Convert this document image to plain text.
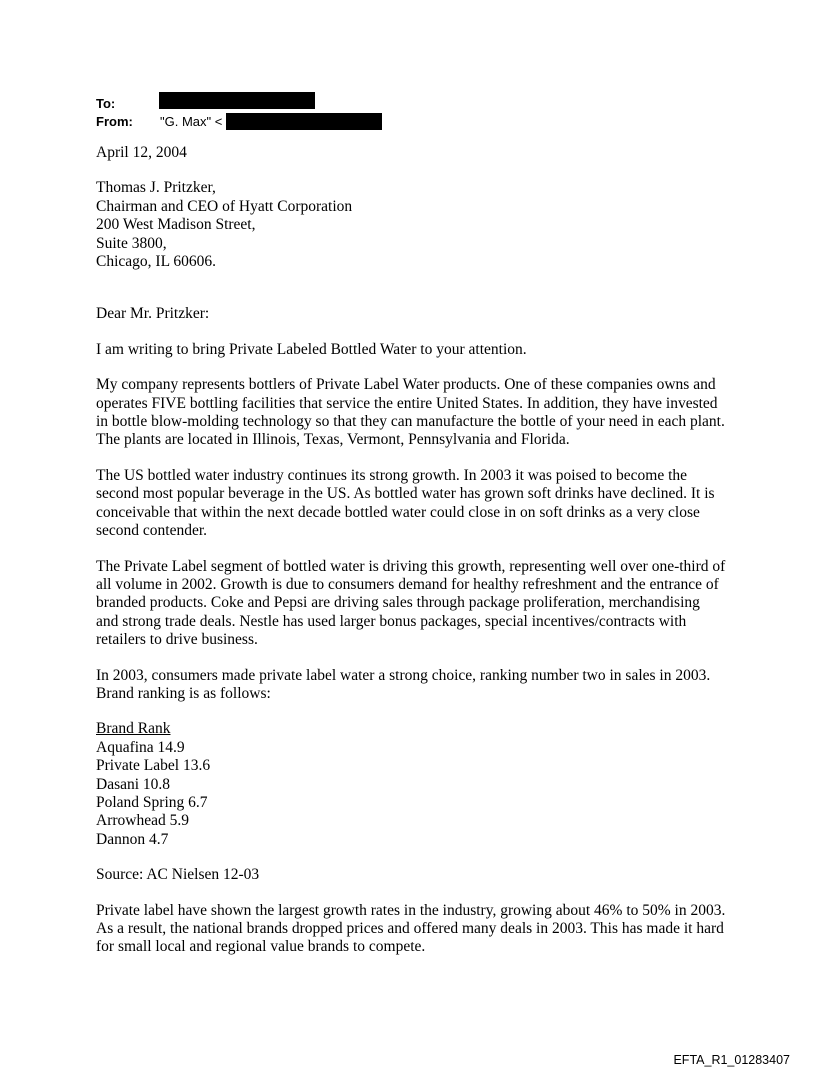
To:
From: "G. Max" <

April 12, 2004

Thomas J. Pritzker,
Chairman and CEO of Hyatt Corporation
200 West Madison Street,
Suite 3800,
Chicago, IL 60606.

Dear Mr. Pritzker:

I am writing to bring Private Labeled Bottled Water to your attention.

My company represents bottlers of Private Label Water products. One of these companies owns and operates FIVE bottling facilities that service the entire United States. In addition, they have invested in bottle blow-molding technology so that they can manufacture the bottle of your need in each plant. The plants are located in Illinois, Texas, Vermont, Pennsylvania and Florida.

The US bottled water industry continues its strong growth. In 2003 it was poised to become the second most popular beverage in the US. As bottled water has grown soft drinks have declined. It is conceivable that within the next decade bottled water could close in on soft drinks as a very close second contender.

The Private Label segment of bottled water is driving this growth, representing well over one-third of all volume in 2002. Growth is due to consumers demand for healthy refreshment and the entrance of branded products. Coke and Pepsi are driving sales through package proliferation, merchandising and strong trade deals. Nestle has used larger bonus packages, special incentives/contracts with retailers to drive business.

In 2003, consumers made private label water a strong choice, ranking number two in sales in 2003. Brand ranking is as follows:

Brand Rank
Aquafina 14.9
Private Label 13.6
Dasani 10.8
Poland Spring 6.7
Arrowhead 5.9
Dannon 4.7

Source: AC Nielsen 12-03

Private label have shown the largest growth rates in the industry, growing about 46% to 50% in 2003. As a result, the national brands dropped prices and offered many deals in 2003. This has made it hard for small local and regional value brands to compete.

EFTA_R1_01283407
